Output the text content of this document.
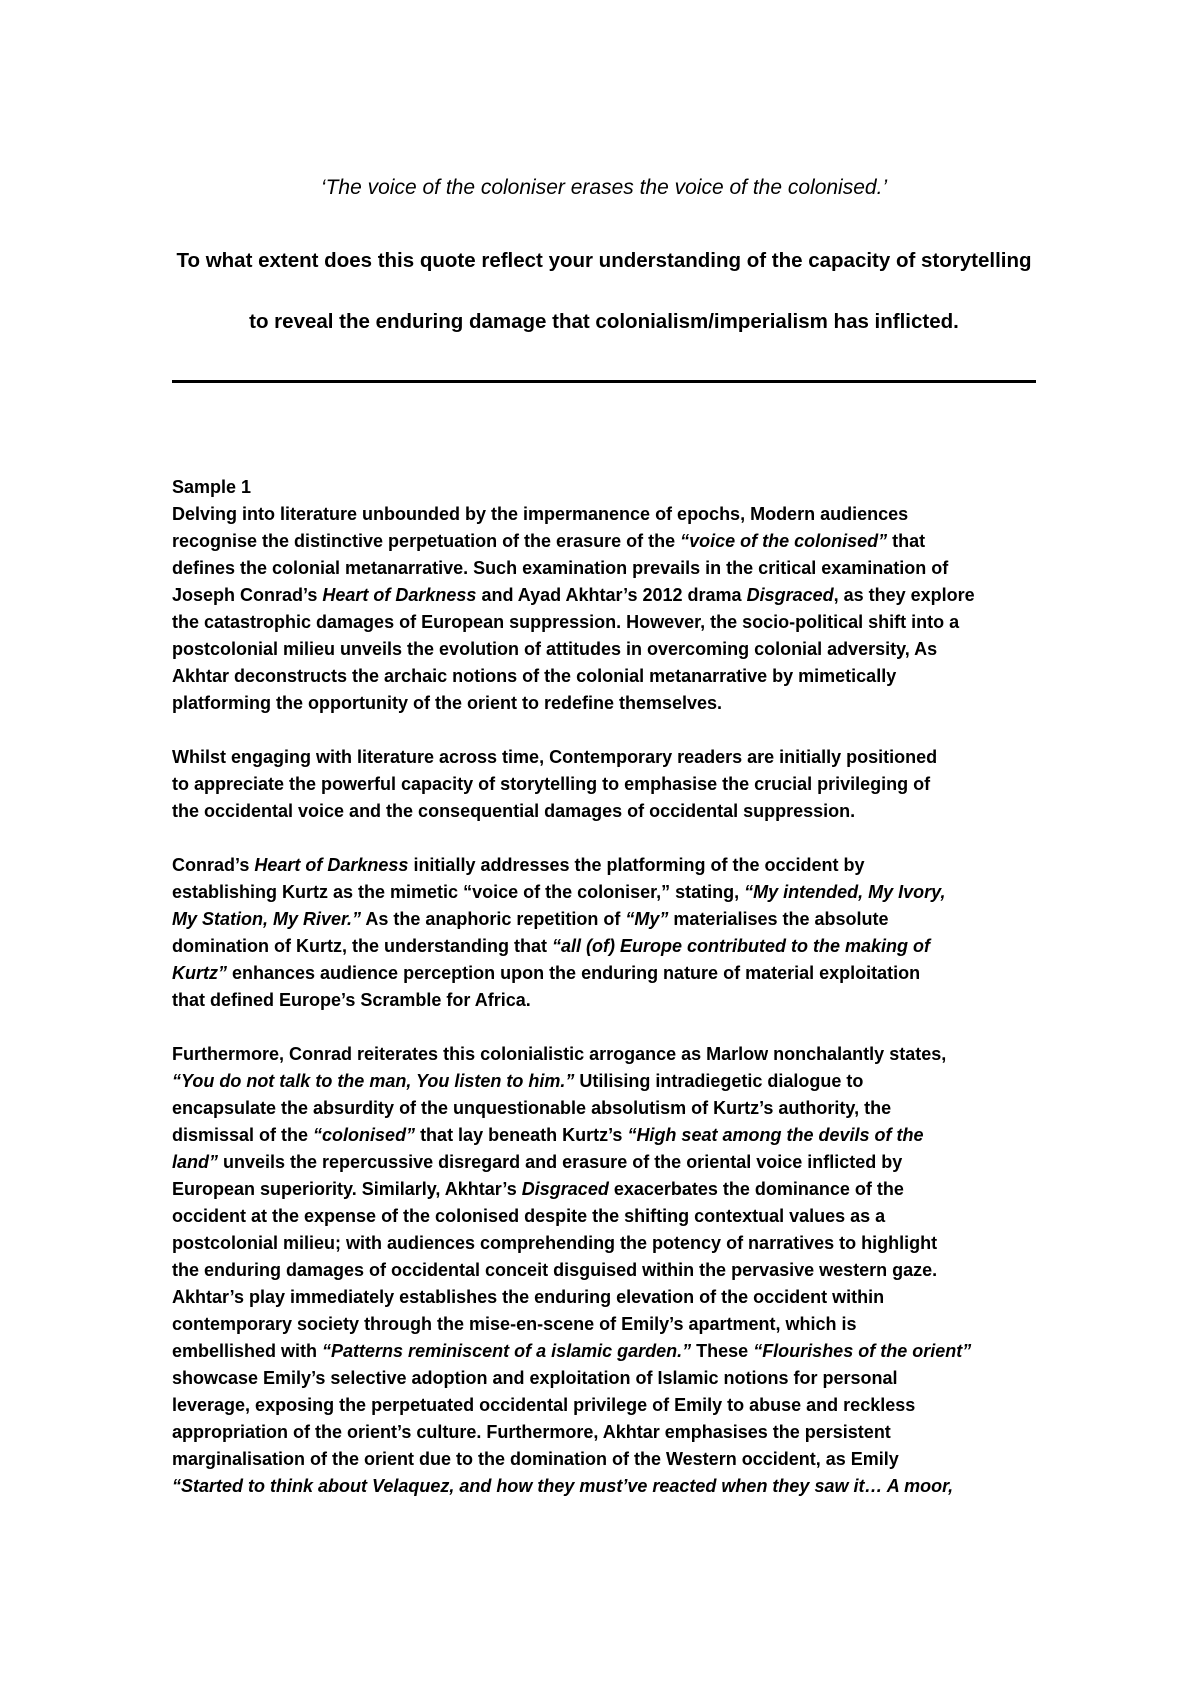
‘The voice of the coloniser erases the voice of the colonised.’
To what extent does this quote reflect your understanding of the capacity of storytelling to reveal the enduring damage that colonialism/imperialism has inflicted.
Sample 1
Delving into literature unbounded by the impermanence of epochs, Modern audiences
recognise the distinctive perpetuation of the erasure of the “voice of the colonised” that
defines the colonial metanarrative. Such examination prevails in the critical examination of
Joseph Conrad’s Heart of Darkness and Ayad Akhtar’s 2012 drama Disgraced, as they explore
the catastrophic damages of European suppression. However, the socio-political shift into a
postcolonial milieu unveils the evolution of attitudes in overcoming colonial adversity, As
Akhtar deconstructs the archaic notions of the colonial metanarrative by mimetically
platforming the opportunity of the orient to redefine themselves.
Whilst engaging with literature across time, Contemporary readers are initially positioned
to appreciate the powerful capacity of storytelling to emphasise the crucial privileging of
the occidental voice and the consequential damages of occidental suppression.
Conrad’s Heart of Darkness initially addresses the platforming of the occident by
establishing Kurtz as the mimetic “voice of the coloniser,” stating, “My intended, My Ivory,
My Station, My River.” As the anaphoric repetition of “My” materialises the absolute
domination of Kurtz, the understanding that “all (of) Europe contributed to the making of
Kurtz” enhances audience perception upon the enduring nature of material exploitation
that defined Europe’s Scramble for Africa.
Furthermore, Conrad reiterates this colonialistic arrogance as Marlow nonchalantly states,
“You do not talk to the man, You listen to him.” Utilising intradiegetic dialogue to
encapsulate the absurdity of the unquestionable absolutism of Kurtz’s authority, the
dismissal of the “colonised” that lay beneath Kurtz’s “High seat among the devils of the
land” unveils the repercussive disregard and erasure of the oriental voice inflicted by
European superiority. Similarly, Akhtar’s Disgraced exacerbates the dominance of the
occident at the expense of the colonised despite the shifting contextual values as a
postcolonial milieu; with audiences comprehending the potency of narratives to highlight
the enduring damages of occidental conceit disguised within the pervasive western gaze.
Akhtar’s play immediately establishes the enduring elevation of the occident within
contemporary society through the mise-en-scene of Emily’s apartment, which is
embellished with “Patterns reminiscent of a islamic garden.” These “Flourishes of the orient”
showcase Emily’s selective adoption and exploitation of Islamic notions for personal
leverage, exposing the perpetuated occidental privilege of Emily to abuse and reckless
appropriation of the orient’s culture. Furthermore, Akhtar emphasises the persistent
marginalisation of the orient due to the domination of the Western occident, as Emily
“Started to think about Velaquez, and how they must’ve reacted when they saw it… A moor,
